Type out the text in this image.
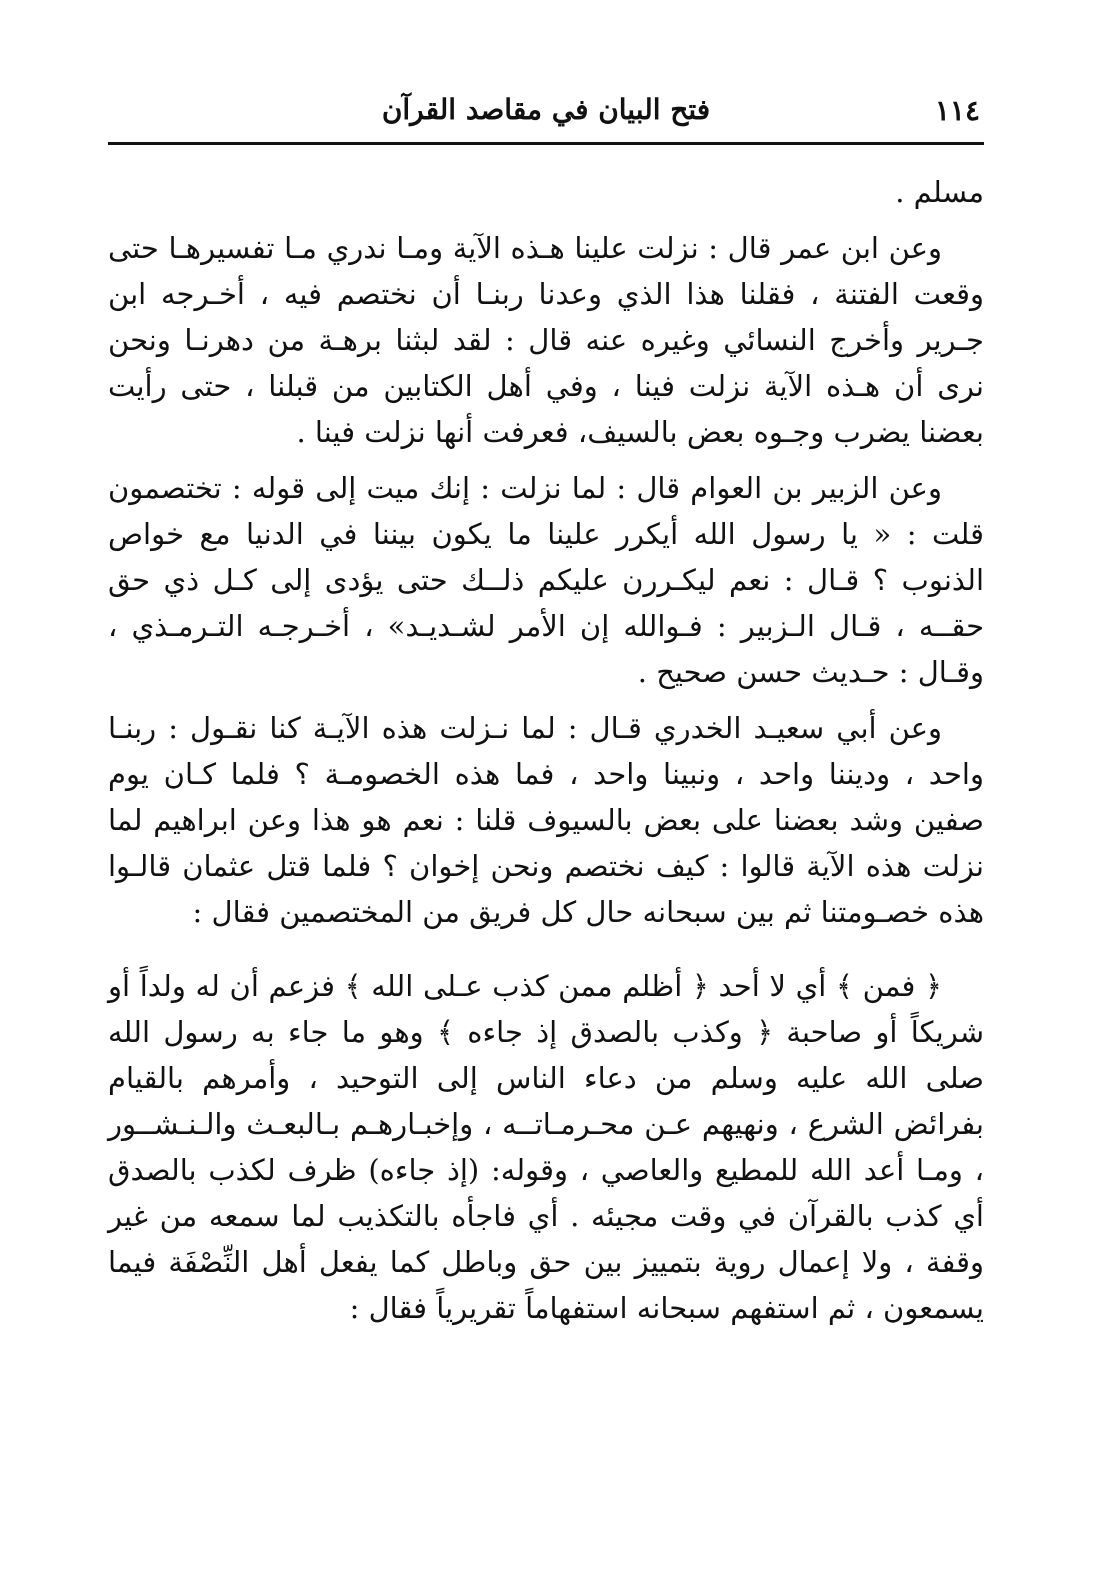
١١٤
فتح البيان في مقاصد القرآن

مسلم .

وعن ابن عمر قال : نزلت علينا هـذه الآية ومـا ندري مـا تفسيرهـا حتى وقعت الفتنة ، فقلنا هذا الذي وعدنا ربنـا أن نختصم فيه ، أخـرجه ابن جـرير وأخرج النسائي وغيره عنه قال : لقد لبثنا برهـة من دهرنـا ونحن نرى أن هـذه الآية نزلت فينا ، وفي أهل الكتابين من قبلنا ، حتى رأيت بعضنا يضرب وجـوه بعض بالسيف، فعرفت أنها نزلت فينا .

وعن الزبير بن العوام قال : لما نزلت : إنك ميت إلى قوله : تختصمون قلت : « يا رسول الله أيكرر علينا ما يكون بيننا في الدنيا مع خواص الذنوب ؟ قـال : نعم ليكـررن عليكم ذلــك حتى يؤدى إلى كـل ذي حق حقــه ، قـال الـزبير : فـوالله إن الأمر لشـديـد» ، أخـرجـه التـرمـذي ، وقـال : حـديث حسن صحيح .

وعن أبي سعيـد الخدري قـال : لما نـزلت هذه الآيـة كنا نقـول : ربنـا واحد ، وديننا واحد ، ونبينا واحد ، فما هذه الخصومـة ؟ فلما كـان يوم صفين وشد بعضنا على بعض بالسيوف قلنا : نعم هو هذا وعن ابراهيم لما نزلت هذه الآية قالوا : كيف نختصم ونحن إخوان ؟ فلما قتل عثمان قالـوا هذه خصـومتنا ثم بين سبحانه حال كل فريق من المختصمين فقال :

﴿ فمن ﴾ أي لا أحد ﴿ أظلم ممن كذب عـلى الله ﴾ فزعم أن له ولداً أو شريكاً أو صاحبة ﴿ وكذب بالصدق إذ جاءه ﴾ وهو ما جاء به رسول الله صلى الله عليه وسلم من دعاء الناس إلى التوحيد ، وأمرهم بالقيام بفرائض الشرع ، ونهيهم عـن محـرمـاتــه ، وإخبـارهـم بـالبعـث والـنـشــور ، ومـا أعد الله للمطيع والعاصي ، وقوله: (إذ جاءه) ظرف لكذب بالصدق أي كذب بالقرآن في وقت مجيئه . أي فاجأه بالتكذيب لما سمعه من غير وقفة ، ولا إعمال روية بتمييز بين حق وباطل كما يفعل أهل النِّصْفَة فيما يسمعون ، ثم استفهم سبحانه استفهاماً تقريرياً فقال :
